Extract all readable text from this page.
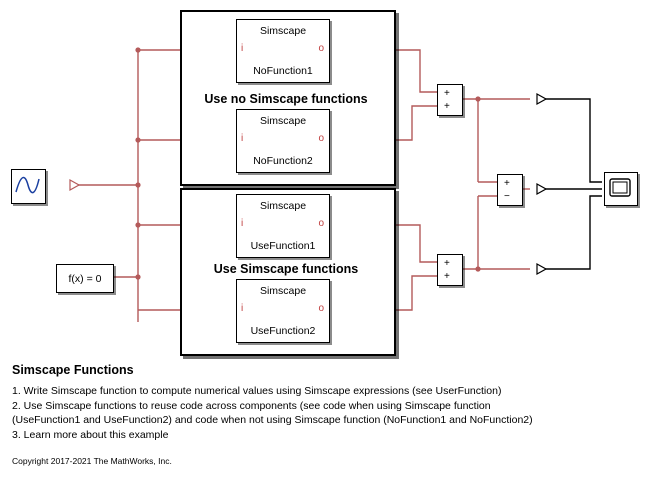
Use no Simscape functions
Simscape
i	o
NoFunction1
Simscape
i	o
NoFunction2
Use Simscape functions
Simscape
i	o
UseFunction1
Simscape
i	o
UseFunction2
f(x) = 0
+
+
+
−
+
+
Simscape Functions
1. Write Simscape function to compute numerical values using Simscape expressions (see UserFunction)
2. Use Simscape functions to reuse code across components (see code when using Simscape function
(UseFunction1 and UseFunction2) and code when not using Simscape function (NoFunction1 and NoFunction2)
3. Learn more about this example
Copyright 2017-2021 The MathWorks, Inc.
